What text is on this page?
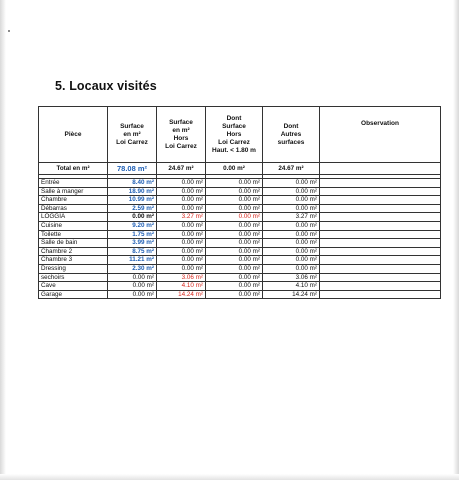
5. Locaux visités
Pièce	Surface
en m²
Loi Carrez	Surface
en m²
Hors
Loi Carrez	Dont
Surface
Hors
Loi Carrez
Haut. < 1.80 m	Dont
Autres
surfaces	Observation
Total en m²	78.08 m²	24.67 m²	0.00 m²	24.67 m²	

Entrée	8.40 m²	0.00 m²	0.00 m²	0.00 m²	
Salle à manger	18.90 m²	0.00 m²	0.00 m²	0.00 m²	
Chambre	10.99 m²	0.00 m²	0.00 m²	0.00 m²	
Débarras	2.59 m²	0.00 m²	0.00 m²	0.00 m²	
LOGGIA	0.00 m²	3.27 m²	0.00 m²	3.27 m²	
Cuisine	9.20 m²	0.00 m²	0.00 m²	0.00 m²	
Toilette	1.75 m²	0.00 m²	0.00 m²	0.00 m²	
Salle de bain	3.99 m²	0.00 m²	0.00 m²	0.00 m²	
Chambre 2	8.75 m²	0.00 m²	0.00 m²	0.00 m²	
Chambre 3	11.21 m²	0.00 m²	0.00 m²	0.00 m²	
Dressing	2.30 m²	0.00 m²	0.00 m²	0.00 m²	
sechoirs	0.00 m²	3.06 m²	0.00 m²	3.06 m²	
Cave	0.00 m²	4.10 m²	0.00 m²	4.10 m²	
Garage	0.00 m²	14.24 m²	0.00 m²	14.24 m²	
